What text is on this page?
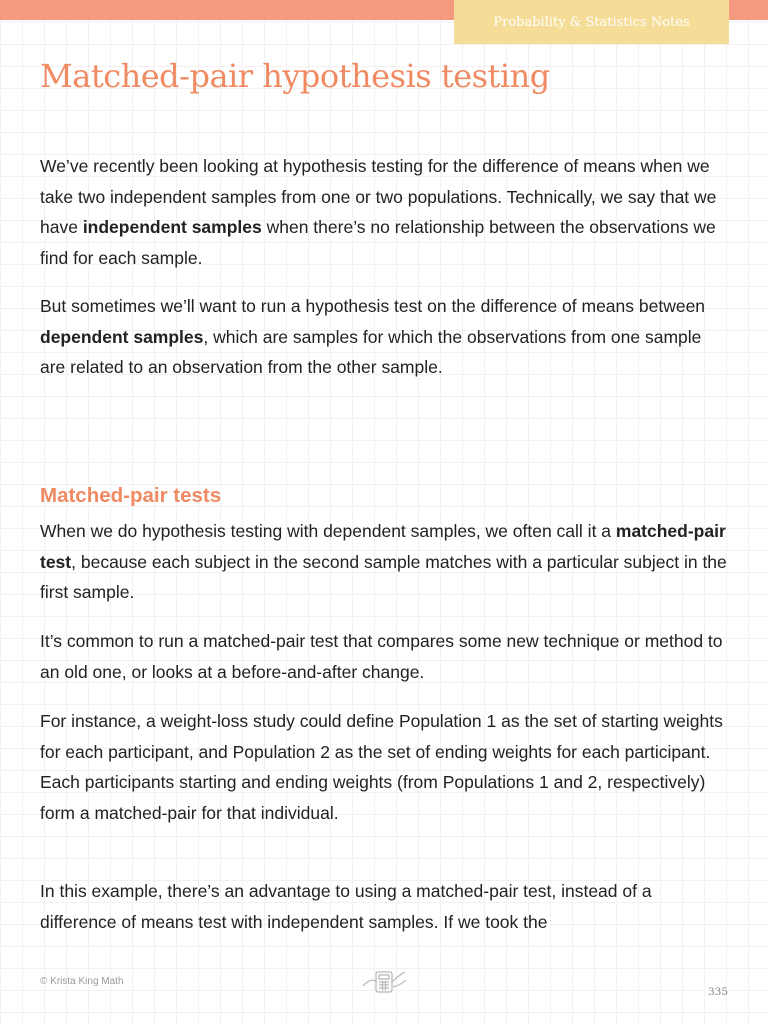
Probability & Statistics Notes
Matched-pair hypothesis testing

We’ve recently been looking at hypothesis testing for the difference of means when we take two independent samples from one or two populations. Technically, we say that we have independent samples when there’s no relationship between the observations we find for each sample.

But sometimes we’ll want to run a hypothesis test on the difference of means between dependent samples, which are samples for which the observations from one sample are related to an observation from the other sample.

Matched-pair tests

When we do hypothesis testing with dependent samples, we often call it a matched-pair test, because each subject in the second sample matches with a particular subject in the first sample.

It’s common to run a matched-pair test that compares some new technique or method to an old one, or looks at a before-and-after change.

For instance, a weight-loss study could define Population 1 as the set of starting weights for each participant, and Population 2 as the set of ending weights for each participant. Each participants starting and ending weights (from Populations 1 and 2, respectively) form a matched-pair for that individual.

In this example, there’s an advantage to using a matched-pair test, instead of a difference of means test with independent samples. If we took the

© Krista King Math
335
